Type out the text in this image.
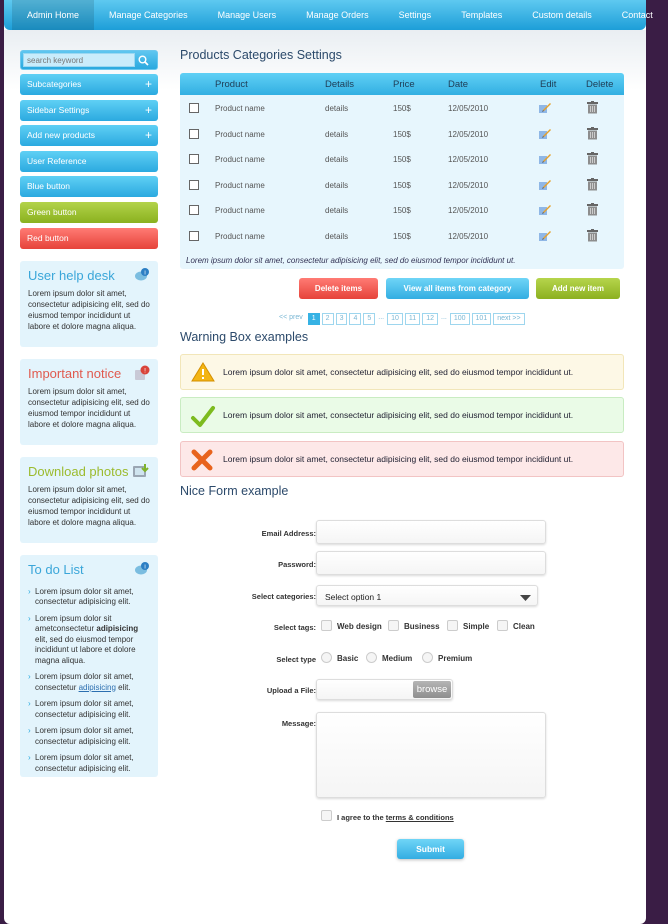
Admin Home	Manage Categories	Manage Users	Manage Orders	Settings	Templates	Custom details	Contact
search keyword
Subcategories	+
Sidebar Settings	+
Add new products	+
User Reference
Blue button
Green button
Red button
User help desk	i

Lorem ipsum dolor sit amet, consectetur adipisicing elit, sed do eiusmod tempor incididunt ut labore et dolore magna aliqua.

Important notice	!

Lorem ipsum dolor sit amet, consectetur adipisicing elit, sed do eiusmod tempor incididunt ut labore et dolore magna aliqua.

Download photos

Lorem ipsum dolor sit amet, consectetur adipisicing elit, sed do eiusmod tempor incididunt ut labore et dolore magna aliqua.

To do List	i
› Lorem ipsum dolor sit amet, consectetur adipisicing elit.
› Lorem ipsum dolor sit ametconsectetur adipisicing elit, sed do eiusmod tempor incididunt ut labore et dolore magna aliqua.
› Lorem ipsum dolor sit amet, consectetur adipisicing elit.
› Lorem ipsum dolor sit amet, consectetur adipisicing elit.
› Lorem ipsum dolor sit amet, consectetur adipisicing elit.
› Lorem ipsum dolor sit amet, consectetur adipisicing elit.
Products Categories Settings
Product	Details	Price	Date	Edit	Delete
Product name	details	150$	12/05/2010
Product name	details	150$	12/05/2010
Product name	details	150$	12/05/2010
Product name	details	150$	12/05/2010
Product name	details	150$	12/05/2010
Product name	details	150$	12/05/2010
Lorem ipsum dolor sit amet, consectetur adipisicing elit, sed do eiusmod tempor incididunt ut.
Delete items	View all items from category	Add new item
<< prev	1	2	3	4	5	...	10	11	12	...	100	101	next >>
Warning Box examples
Lorem ipsum dolor sit amet, consectetur adipisicing elit, sed do eiusmod tempor incididunt ut.
Lorem ipsum dolor sit amet, consectetur adipisicing elit, sed do eiusmod tempor incididunt ut.
Lorem ipsum dolor sit amet, consectetur adipisicing elit, sed do eiusmod tempor incididunt ut.
Nice Form example
Email Address:
Password:
Select categories: Select option 1
Select tags:	Web design	Business	Simple	Clean
Select type	Basic	Medium	Premium
Upload a File:	browse
Message:
I agree to the terms & conditions
Submit
